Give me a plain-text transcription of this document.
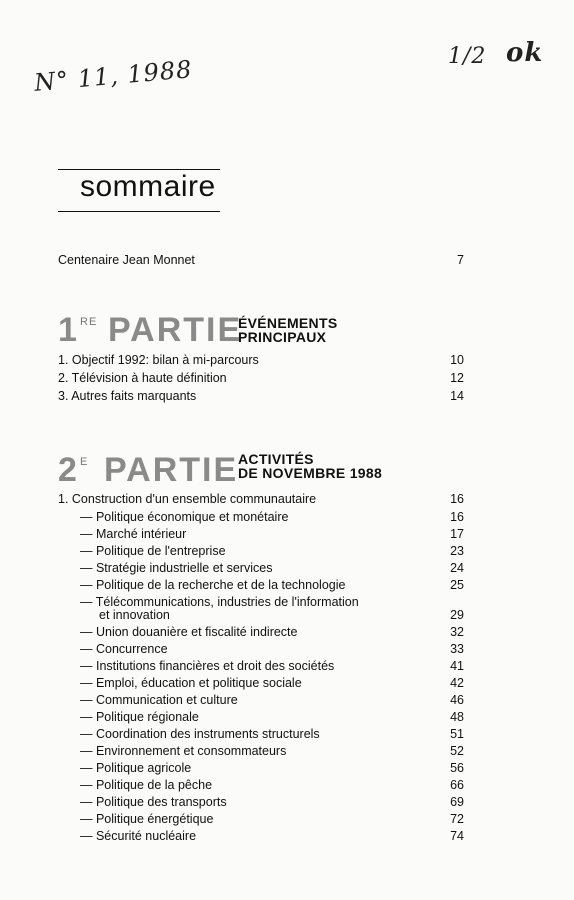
N° 11, 1988	1/2 ok
sommaire
Centenaire Jean Monnet	7
1 RE PARTIE
ÉVÉNEMENTS
PRINCIPAUX
1. Objectif 1992: bilan à mi-parcours	10
2. Télévision à haute définition	12
3. Autres faits marquants	14
2 E PARTIE ACTIVITÉS
DE NOVEMBRE 1988
1. Construction d'un ensemble communautaire	16
— Politique économique et monétaire	16
— Marché intérieur	17
— Politique de l'entreprise	23
— Stratégie industrielle et services	24
— Politique de la recherche et de la technologie	25
— Télécommunications, industries de l'information
et innovation	29
— Union douanière et fiscalité indirecte	32
— Concurrence	33
— Institutions financières et droit des sociétés	41
— Emploi, éducation et politique sociale	42
— Communication et culture	46
— Politique régionale	48
— Coordination des instruments structurels	51
— Environnement et consommateurs	52
— Politique agricole	56
— Politique de la pêche	66
— Politique des transports	69
— Politique énergétique	72
— Sécurité nucléaire	74
